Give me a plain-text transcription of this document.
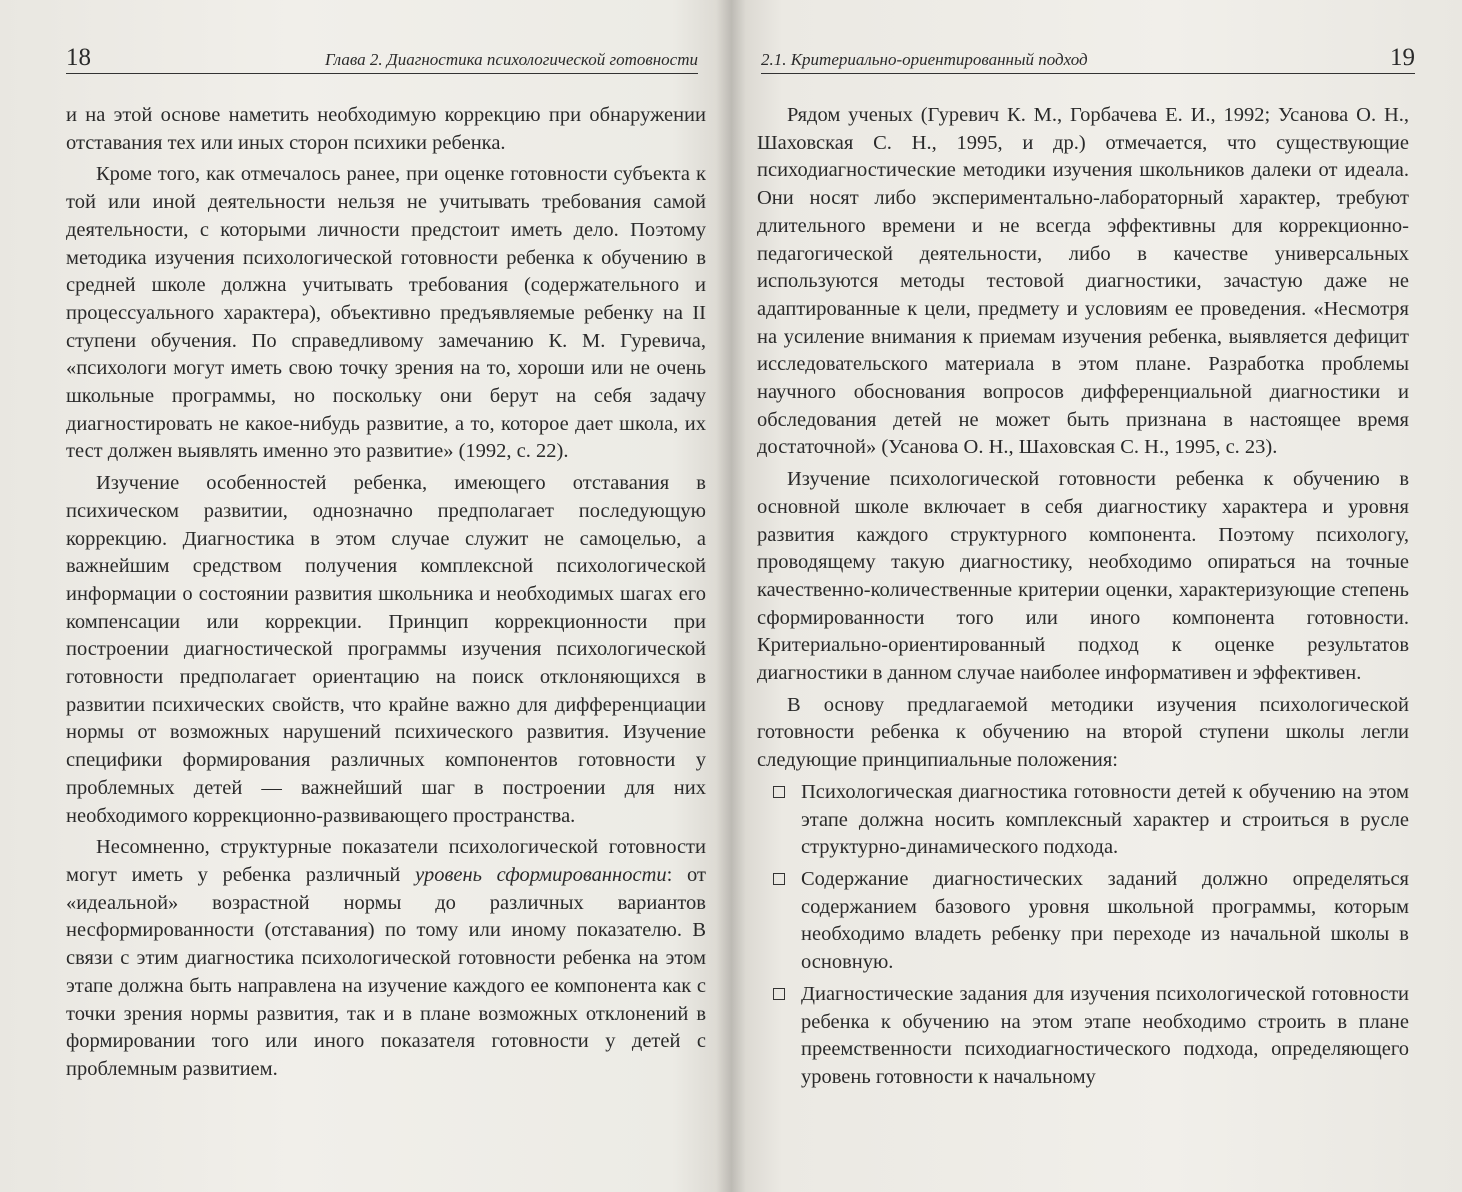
18	Глава 2. Диагностика психологической готовности

и на этой основе наметить необходимую коррекцию при обнаружении отставания тех или иных сторон психики ребенка.

Кроме того, как отмечалось ранее, при оценке готовности субъекта к той или иной деятельности нельзя не учитывать требования самой деятельности, с которыми личности предстоит иметь дело. Поэтому методика изучения психологической готовности ребенка к обучению в средней школе должна учитывать требования (содержательного и процессуального характера), объективно предъявляемые ребенку на II ступени обучения. По справедливому замечанию К. М. Гуревича, «психологи могут иметь свою точку зрения на то, хороши или не очень школьные программы, но поскольку они берут на себя задачу диагностировать не какое-нибудь развитие, а то, которое дает школа, их тест должен выявлять именно это развитие» (1992, с. 22).

Изучение особенностей ребенка, имеющего отставания в психическом развитии, однозначно предполагает последующую коррекцию. Диагностика в этом случае служит не самоцелью, а важнейшим средством получения комплексной психологической информации о состоянии развития школьника и необходимых шагах его компенсации или коррекции. Принцип коррекционности при построении диагностической программы изучения психологической готовности предполагает ориентацию на поиск отклоняющихся в развитии психических свойств, что крайне важно для дифференциации нормы от возможных нарушений психического развития. Изучение специфики формирования различных компонентов готовности у проблемных детей — важнейший шаг в построении для них необходимого коррекционно-развивающего пространства.

Несомненно, структурные показатели психологической готовности могут иметь у ребенка различный уровень сформированности: от «идеальной» возрастной нормы до различных вариантов несформированности (отставания) по тому или иному показателю. В связи с этим диагностика психологической готовности ребенка на этом этапе должна быть направлена на изучение каждого ее компонента как с точки зрения нормы развития, так и в плане возможных отклонений в формировании того или иного показателя готовности у детей с проблемным развитием.

2.1. Критериально-ориентированный подход	19

Рядом ученых (Гуревич К. М., Горбачева Е. И., 1992; Усанова О. Н., Шаховская С. Н., 1995, и др.) отмечается, что существующие психодиагностические методики изучения школьников далеки от идеала. Они носят либо экспериментально-лабораторный характер, требуют длительного времени и не всегда эффективны для коррекционно-педагогической деятельности, либо в качестве универсальных используются методы тестовой диагностики, зачастую даже не адаптированные к цели, предмету и условиям ее проведения. «Несмотря на усиление внимания к приемам изучения ребенка, выявляется дефицит исследовательского материала в этом плане. Разработка проблемы научного обоснования вопросов дифференциальной диагностики и обследования детей не может быть признана в настоящее время достаточной» (Усанова О. Н., Шаховская С. Н., 1995, с. 23).

Изучение психологической готовности ребенка к обучению в основной школе включает в себя диагностику характера и уровня развития каждого структурного компонента. Поэтому психологу, проводящему такую диагностику, необходимо опираться на точные качественно-количественные критерии оценки, характеризующие степень сформированности того или иного компонента готовности. Критериально-ориентированный подход к оценке результатов диагностики в данном случае наиболее информативен и эффективен.

В основу предлагаемой методики изучения психологической готовности ребенка к обучению на второй ступени школы легли следующие принципиальные положения:

Психологическая диагностика готовности детей к обучению на этом этапе должна носить комплексный характер и строиться в русле структурно-динамического подхода.
Содержание диагностических заданий должно определяться содержанием базового уровня школьной программы, которым необходимо владеть ребенку при переходе из начальной школы в основную.
Диагностические задания для изучения психологической готовности ребенка к обучению на этом этапе необходимо строить в плане преемственности психодиагностического подхода, определяющего уровень готовности к начальному
